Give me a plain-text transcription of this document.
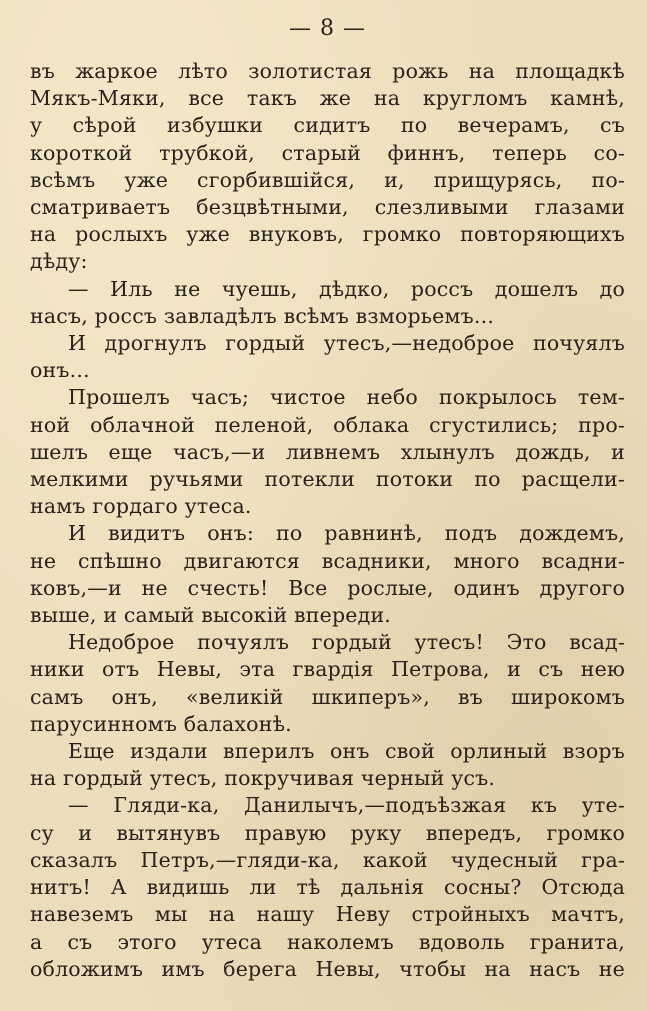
— 8 —
въ жаркое лѣто золотистая рожь на площадкѣ
Мякъ-Мяки, все такъ же на кругломъ камнѣ,
у сѣрой избушки сидитъ по вечерамъ, съ
короткой трубкой, старый финнъ, теперь со-
всѣмъ уже сгорбившiйся, и, прищурясь, по-
сматриваетъ безцвѣтными, слезливыми глазами
на рослыхъ уже внуковъ, громко повторяющихъ
дѣду:
— Иль не чуешь, дѣдко, россъ дошелъ до
насъ, россъ завладѣлъ всѣмъ взморьемъ...
И дрогнулъ гордый утесъ,—недоброе почуялъ
онъ...
Прошелъ часъ; чистое небо покрылось тем-
ной облачной пеленой, облака сгустились; про-
шелъ еще часъ,—и ливнемъ хлынулъ дождь, и
мелкими ручьями потекли потоки по расщели-
намъ гордаго утеса.
И видитъ онъ: по равнинѣ, подъ дождемъ,
не спѣшно двигаются всадники, много всадни-
ковъ,—и не счесть! Все рослые, одинъ другого
выше, и самый высокiй впереди.
Недоброе почуялъ гордый утесъ! Это всад-
ники отъ Невы, эта гвардiя Петрова, и съ нею
самъ онъ, «великiй шкиперъ», въ широкомъ
парусинномъ балахонѣ.
Еще издали вперилъ онъ свой орлиный взоръ
на гордый утесъ, покручивая черный усъ.
— Гляди-ка, Данилычъ,—подъѣзжая къ уте-
су и вытянувъ правую руку впередъ, громко
сказалъ Петръ,—гляди-ка, какой чудесный гра-
нитъ! А видишь ли тѣ дальнiя сосны? Отсюда
навеземъ мы на нашу Неву стройныхъ мачтъ,
а съ этого утеса наколемъ вдоволь гранита,
обложимъ имъ берега Невы, чтобы на насъ не
